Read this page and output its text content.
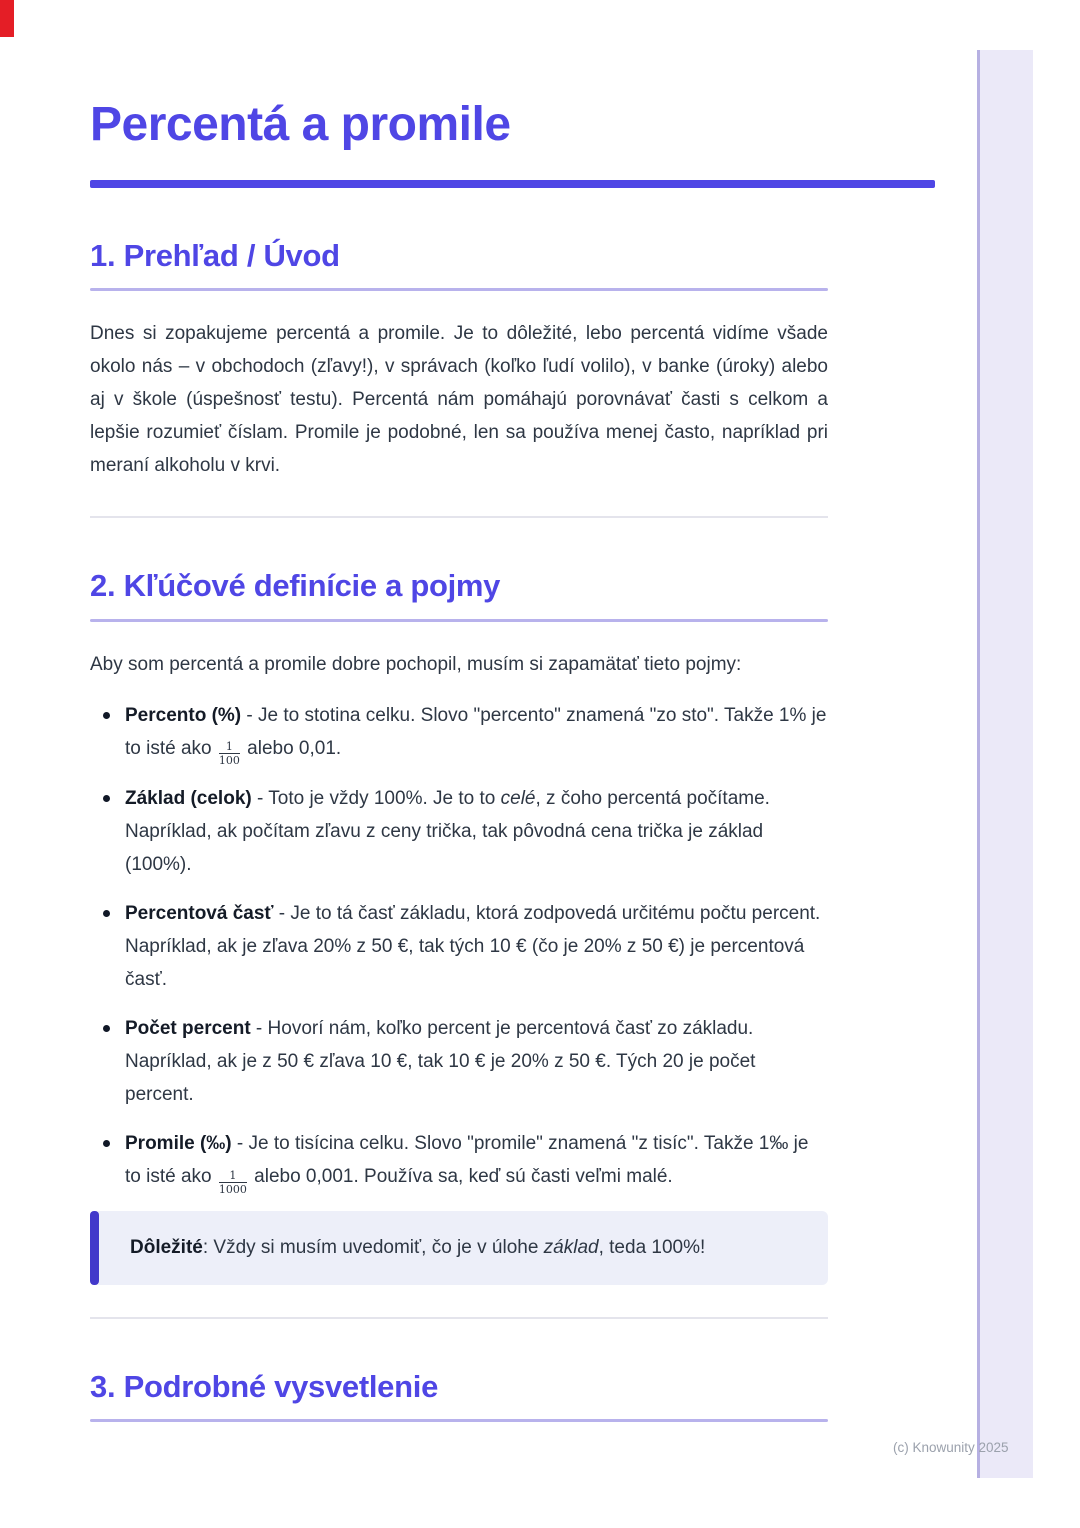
Percentá a promile
1. Prehľad / Úvod

Dnes si zopakujeme percentá a promile. Je to dôležité, lebo percentá vidíme všade okolo nás – v obchodoch (zľavy!), v správach (koľko ľudí volilo), v banke (úroky) alebo aj v škole (úspešnosť testu). Percentá nám pomáhajú porovnávať časti s celkom a lepšie rozumieť číslam. Promile je podobné, len sa používa menej často, napríklad pri meraní alkoholu v krvi.

2. Kľúčové definície a pojmy

Aby som percentá a promile dobre pochopil, musím si zapamätať tieto pojmy:

Percento (%) - Je to stotina celku. Slovo "percento" znamená "zo sto". Takže 1% je to isté ako $\frac{1}{100}$ alebo 0,01.
Základ (celok) - Toto je vždy 100%. Je to to celé, z čoho percentá počítame. Napríklad, ak počítam zľavu z ceny trička, tak pôvodná cena trička je základ (100%).
Percentová časť - Je to tá časť základu, ktorá zodpovedá určitému počtu percent. Napríklad, ak je zľava 20% z 50 €, tak tých 10 € (čo je 20% z 50 €) je percentová časť.
Počet percent - Hovorí nám, koľko percent je percentová časť zo základu. Napríklad, ak je z 50 € zľava 10 €, tak 10 € je 20% z 50 €. Tých 20 je počet percent.
Promile (‰) - Je to tisícina celku. Slovo "promile" znamená "z tisíc". Takže 1‰ je to isté ako $\frac{1}{1000}$ alebo 0,001. Používa sa, keď sú časti veľmi malé.

Dôležité: Vždy si musím uvedomiť, čo je v úlohe základ, teda 100%!

3. Podrobné vysvetlenie
(c) Knowunity 2025
